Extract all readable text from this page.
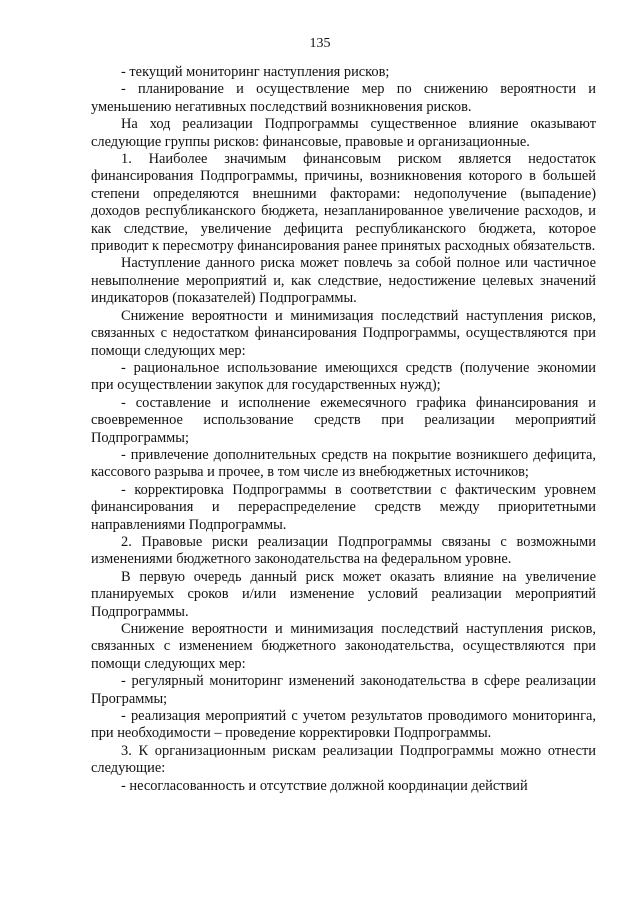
135

- текущий мониторинг наступления рисков;

- планирование и осуществление мер по снижению вероятности и уменьшению негативных последствий возникновения рисков.

На ход реализации Подпрограммы существенное влияние оказывают следующие группы рисков: финансовые, правовые и организационные.

1. Наиболее значимым финансовым риском является недостаток финансирования Подпрограммы, причины, возникновения которого в большей степени определяются внешними факторами: недополучение (выпадение) доходов республиканского бюджета, незапланированное увеличение расходов, и как следствие, увеличение дефицита республиканского бюджета, которое приводит к пересмотру финансирования ранее принятых расходных обязательств.

Наступление данного риска может повлечь за собой полное или частичное невыполнение мероприятий и, как следствие, недостижение целевых значений индикаторов (показателей) Подпрограммы.

Снижение вероятности и минимизация последствий наступления рисков, связанных с недостатком финансирования Подпрограммы, осуществляются при помощи следующих мер:

- рациональное использование имеющихся средств (получение экономии при осуществлении закупок для государственных нужд);

- составление и исполнение ежемесячного графика финансирования и своевременное использование средств при реализации мероприятий Подпрограммы;

- привлечение дополнительных средств на покрытие возникшего дефицита, кассового разрыва и прочее, в том числе из внебюджетных источников;

- корректировка Подпрограммы в соответствии с фактическим уровнем финансирования и перераспределение средств между приоритетными направлениями Подпрограммы.

2. Правовые риски реализации Подпрограммы связаны с возможными изменениями бюджетного законодательства на федеральном уровне.

В первую очередь данный риск может оказать влияние на увеличение планируемых сроков и/или изменение условий реализации мероприятий Подпрограммы.

Снижение вероятности и минимизация последствий наступления рисков, связанных с изменением бюджетного законодательства, осуществляются при помощи следующих мер:

- регулярный мониторинг изменений законодательства в сфере реализации Программы;

- реализация мероприятий с учетом результатов проводимого мониторинга, при необходимости – проведение корректировки Подпрограммы.

3. К организационным рискам реализации Подпрограммы можно отнести следующие:

- несогласованность и отсутствие должной координации действий
